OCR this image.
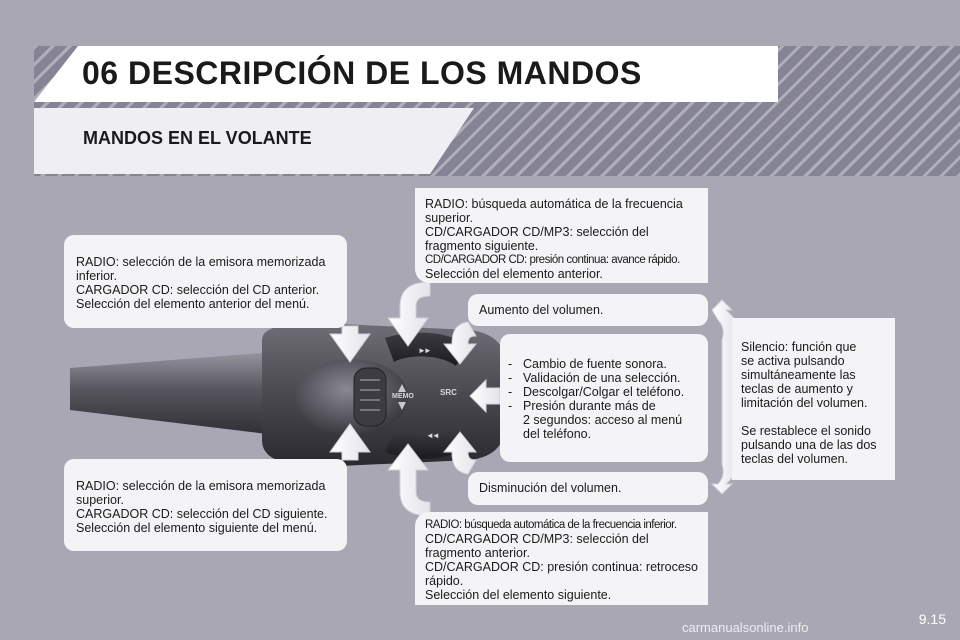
06 DESCRIPCIÓN DE LOS MANDOS
MANDOS EN EL VOLANTE
MEMO	SRC
►►
◄◄
RADIO: selección de la emisora memorizada
inferior.
CARGADOR CD: selección del CD anterior.
Selección del elemento anterior del menú.
RADIO: selección de la emisora memorizada
superior.
CARGADOR CD: selección del CD siguiente.
Selección del elemento siguiente del menú.
RADIO: búsqueda automática de la frecuencia
superior.
CD/CARGADOR CD/MP3: selección del
fragmento siguiente.
CD/CARGADOR CD: presión continua: avance rápido.
Selección del elemento anterior.
Aumento del volumen.
- Cambio de fuente sonora.
- Validación de una selección.
- Descolgar/Colgar el teléfono.
- Presión durante más de
2 segundos: acceso al menú
del teléfono.
Disminución del volumen.
RADIO: búsqueda automática de la frecuencia inferior.
CD/CARGADOR CD/MP3: selección del
fragmento anterior.
CD/CARGADOR CD: presión continua: retroceso
rápido.
Selección del elemento siguiente.

Silencio: función que
se activa pulsando
simultáneamente las
teclas de aumento y
limitación del volumen.

Se restablece el sonido
pulsando una de las dos
teclas del volumen.

9.15
carmanualsonline.info
